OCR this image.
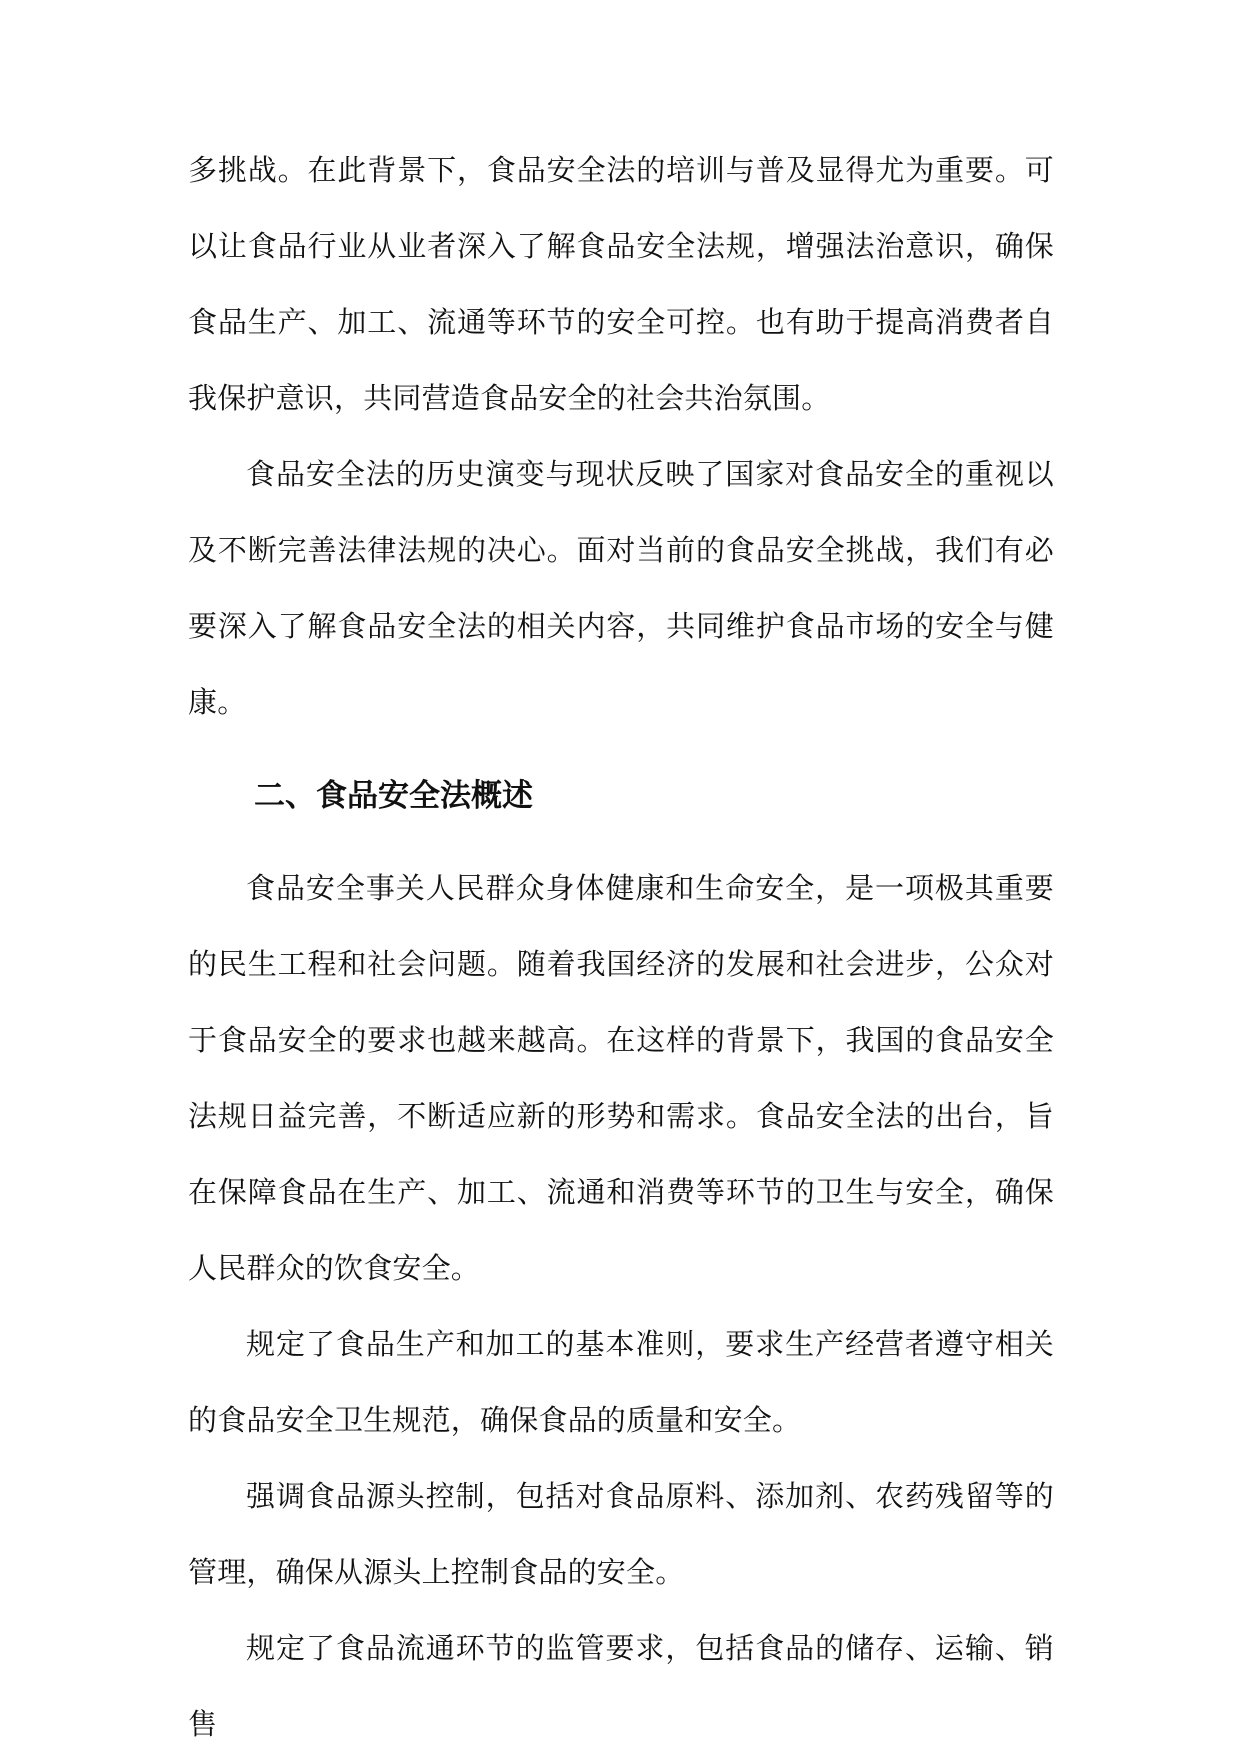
多挑战。在此背景下，食品安全法的培训与普及显得尤为重要。可以让食品行业从业者深入了解食品安全法规，增强法治意识，确保食品生产、加工、流通等环节的安全可控。也有助于提高消费者自我保护意识，共同营造食品安全的社会共治氛围。

食品安全法的历史演变与现状反映了国家对食品安全的重视以及不断完善法律法规的决心。面对当前的食品安全挑战，我们有必要深入了解食品安全法的相关内容，共同维护食品市场的安全与健康。

二、食品安全法概述

食品安全事关人民群众身体健康和生命安全，是一项极其重要的民生工程和社会问题。随着我国经济的发展和社会进步，公众对于食品安全的要求也越来越高。在这样的背景下，我国的食品安全法规日益完善，不断适应新的形势和需求。食品安全法的出台，旨在保障食品在生产、加工、流通和消费等环节的卫生与安全，确保人民群众的饮食安全。

规定了食品生产和加工的基本准则，要求生产经营者遵守相关的食品安全卫生规范，确保食品的质量和安全。

强调食品源头控制，包括对食品原料、添加剂、农药残留等的管理，确保从源头上控制食品的安全。

规定了食品流通环节的监管要求，包括食品的储存、运输、销售
